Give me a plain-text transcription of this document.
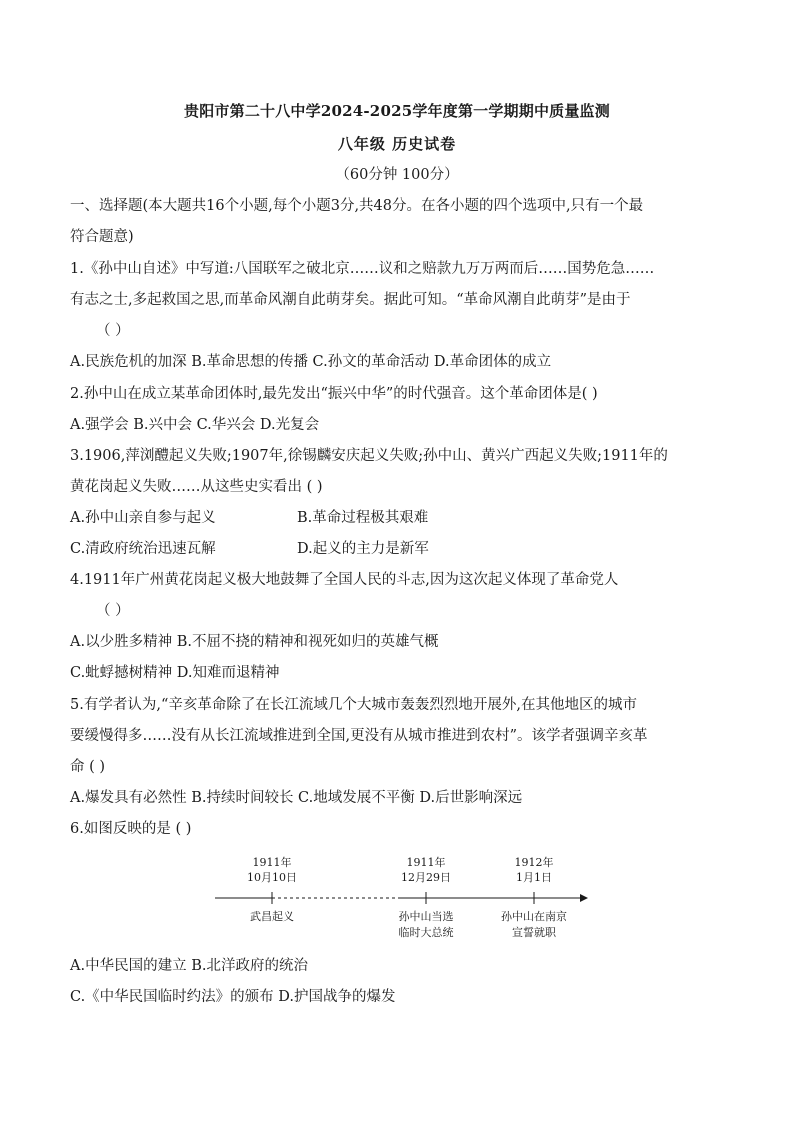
贵阳市第二十八中学2024-2025学年度第一学期期中质量监测
八年级 历史试卷
（60分钟 100分）
一、选择题(本大题共16个小题,每个小题3分,共48分。在各小题的四个选项中,只有一个最
符合题意)
1.《孙中山自述》中写道:八国联军之破北京……议和之赔款九万万两而后……国势危急……
有志之士,多起救国之思,而革命风潮自此萌芽矣。据此可知。“革命风潮自此萌芽”是由于
（ ）
A.民族危机的加深 B.革命思想的传播 C.孙文的革命活动 D.革命团体的成立
2.孙中山在成立某革命团体时,最先发出“振兴中华”的时代强音。这个革命团体是( )
A.强学会 B.兴中会 C.华兴会 D.光复会
3.1906,萍浏醴起义失败;1907年,徐锡麟安庆起义失败;孙中山、黄兴广西起义失败;1911年的
黄花岗起义失败……从这些史实看出 ( )
A.孙中山亲自参与起义	B.革命过程极其艰难
C.清政府统治迅速瓦解	D.起义的主力是新军
4.1911年广州黄花岗起义极大地鼓舞了全国人民的斗志,因为这次起义体现了革命党人
（ ）
A.以少胜多精神 B.不屈不挠的精神和视死如归的英雄气概
C.蚍蜉撼树精神 D.知难而退精神
5.有学者认为,“辛亥革命除了在长江流域几个大城市轰轰烈烈地开展外,在其他地区的城市
要缓慢得多……没有从长江流域推进到全国,更没有从城市推进到农村”。该学者强调辛亥革
命 ( )
A.爆发具有必然性 B.持续时间较长 C.地域发展不平衡 D.后世影响深远
6.如图反映的是 ( )
1911年
10月10日
武昌起义
1911年
12月29日
孙中山当选
临时大总统
1912年
1月1日
孙中山在南京
宣誓就职
A.中华民国的建立 B.北洋政府的统治
C.《中华民国临时约法》的颁布 D.护国战争的爆发
